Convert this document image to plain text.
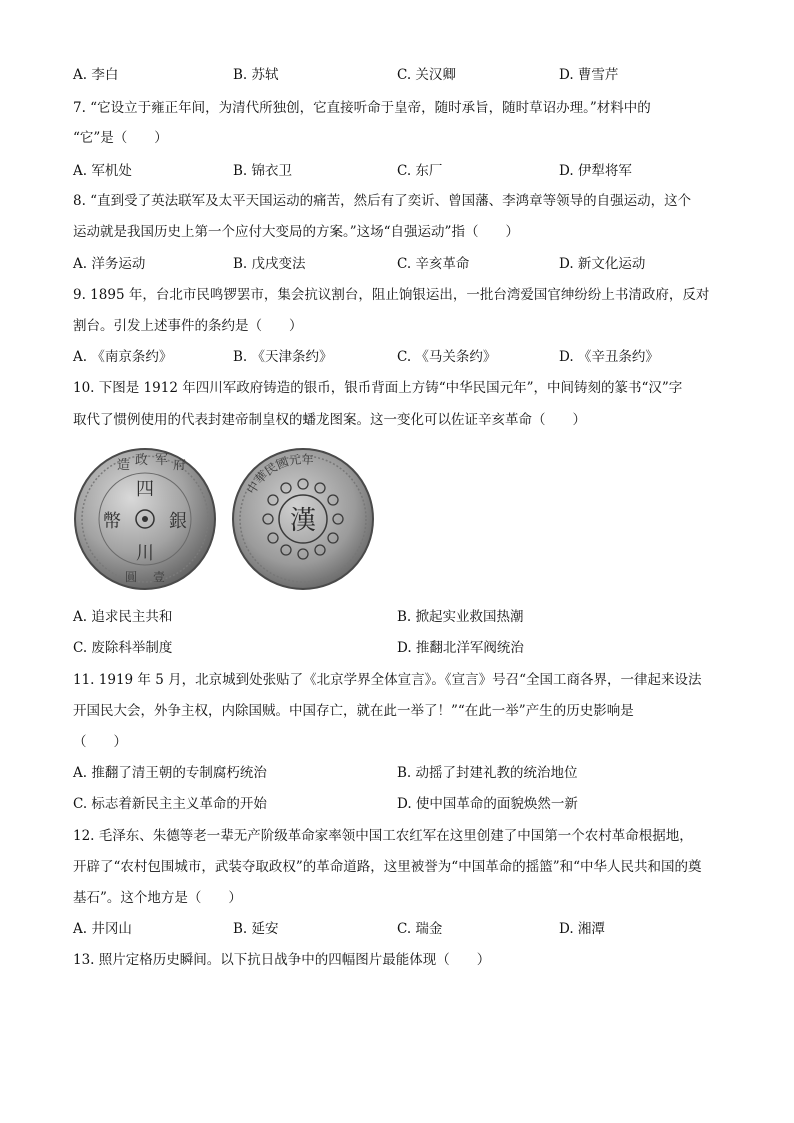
A. 李白	B. 苏轼	C. 关汉卿	D. 曹雪芹
7. “它设立于雍正年间，为清代所独创，它直接听命于皇帝，随时承旨，随时草诏办理。”材料中的
“它”是（　　）
A. 军机处	B. 锦衣卫	C. 东厂	D. 伊犁将军
8. “直到受了英法联军及太平天国运动的痛苦，然后有了奕䜣、曾国藩、李鸿章等领导的自强运动，这个
运动就是我国历史上第一个应付大变局的方案。”这场“自强运动”指（　　）
A. 洋务运动	B. 戊戌变法	C. 辛亥革命	D. 新文化运动
9. 1895 年，台北市民鸣锣罢市，集会抗议割台，阻止饷银运出，一批台湾爱国官绅纷纷上书清政府，反对
割台。引发上述事件的条约是（　　）
A. 《南京条约》	B. 《天津条约》	C. 《马关条约》	D. 《辛丑条约》
10. 下图是 1912 年四川军政府铸造的银币，银币背面上方铸“中华民国元年”，中间铸刻的篆书“汉”字
取代了惯例使用的代表封建帝制皇权的蟠龙图案。这一变化可以佐证辛亥革命（　　）
造 政 军 府
四
幣	銀
川
壹
圓
中華民國元年
漢
A. 追求民主共和	B. 掀起实业救国热潮
C. 废除科举制度	D. 推翻北洋军阀统治
11. 1919 年 5 月，北京城到处张贴了《北京学界全体宣言》。《宣言》号召“全国工商各界，一律起来设法
开国民大会，外争主权，内除国贼。中国存亡，就在此一举了！”“在此一举”产生的历史影响是
（　　）
A. 推翻了清王朝的专制腐朽统治	B. 动摇了封建礼教的统治地位
C. 标志着新民主主义革命的开始	D. 使中国革命的面貌焕然一新
12. 毛泽东、朱德等老一辈无产阶级革命家率领中国工农红军在这里创建了中国第一个农村革命根据地，
开辟了“农村包围城市，武装夺取政权”的革命道路，这里被誉为“中国革命的摇篮”和“中华人民共和国的奠
基石”。这个地方是（　　）
A. 井冈山	B. 延安	C. 瑞金	D. 湘潭
13. 照片定格历史瞬间。以下抗日战争中的四幅图片最能体现（　　）
